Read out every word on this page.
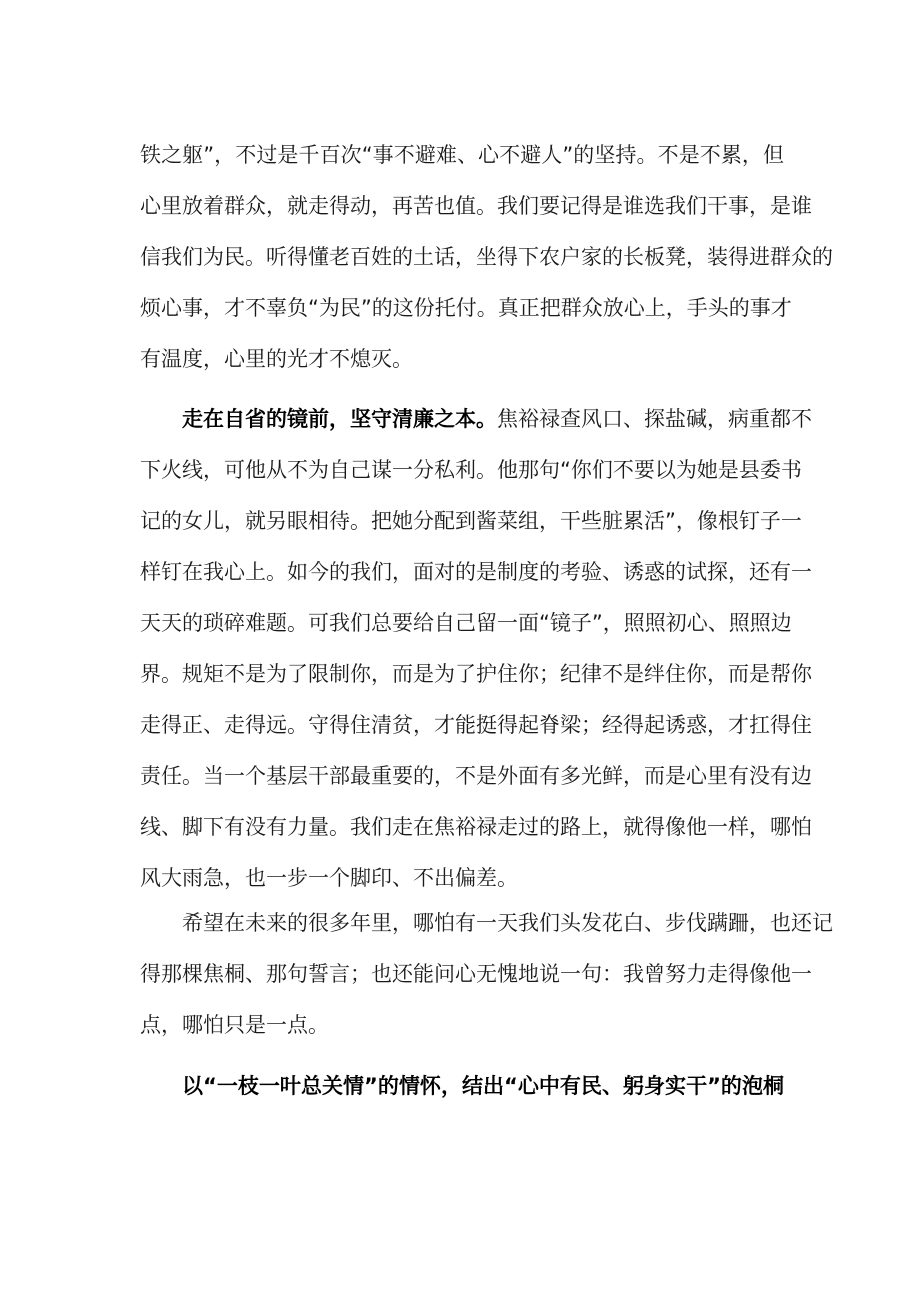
铁之躯”，不过是千百次“事不避难、心不避人”的坚持。不是不累，但
心里放着群众，就走得动，再苦也值。我们要记得是谁选我们干事，是谁
信我们为民。听得懂老百姓的土话，坐得下农户家的长板凳，装得进群众的
烦心事，才不辜负“为民”的这份托付。真正把群众放心上，手头的事才
有温度，心里的光才不熄灭。
走在自省的镜前，坚守清廉之本。焦裕禄查风口、探盐碱，病重都不
下火线，可他从不为自己谋一分私利。他那句“你们不要以为她是县委书
记的女儿，就另眼相待。把她分配到酱菜组，干些脏累活”，像根钉子一
样钉在我心上。如今的我们，面对的是制度的考验、诱惑的试探，还有一
天天的琐碎难题。可我们总要给自己留一面“镜子”，照照初心、照照边
界。规矩不是为了限制你，而是为了护住你；纪律不是绊住你，而是帮你
走得正、走得远。守得住清贫，才能挺得起脊梁；经得起诱惑，才扛得住
责任。当一个基层干部最重要的，不是外面有多光鲜，而是心里有没有边
线、脚下有没有力量。我们走在焦裕禄走过的路上，就得像他一样，哪怕
风大雨急，也一步一个脚印、不出偏差。
希望在未来的很多年里，哪怕有一天我们头发花白、步伐蹒跚，也还记
得那棵焦桐、那句誓言；也还能问心无愧地说一句：我曾努力走得像他一
点，哪怕只是一点。
以“一枝一叶总关情”的情怀，结出“心中有民、躬身实干”的泡桐
